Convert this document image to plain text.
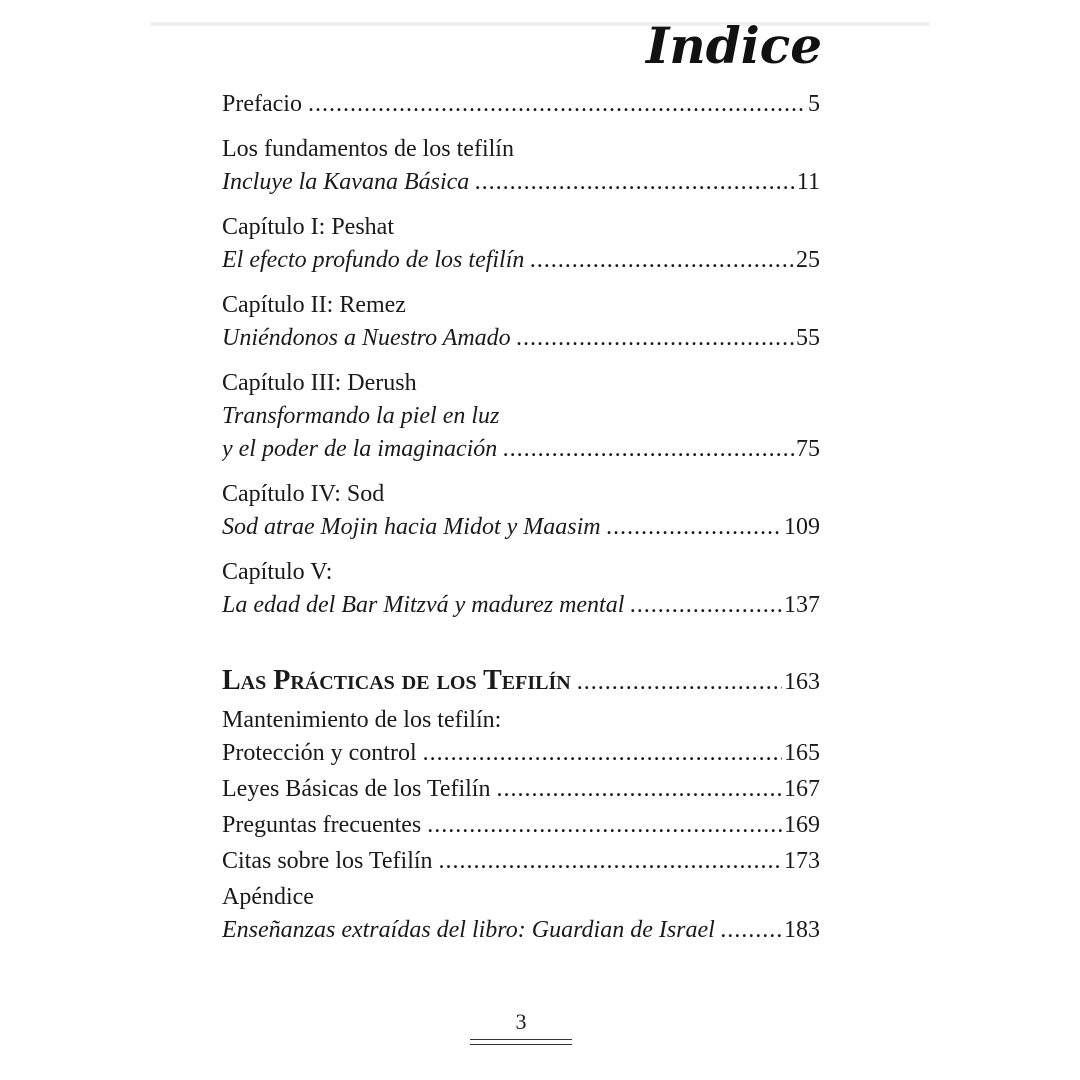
Indice
Prefacio .....	5
Los fundamentos de los tefilín
Incluye la Kavana Básica .....	11
Capítulo I: Peshat
El efecto profundo de los tefilín .....	25
Capítulo II: Remez
Uniéndonos a Nuestro Amado .....	55
Capítulo III: Derush
Transformando la piel en luz
y el poder de la imaginación .....	75
Capítulo IV: Sod
Sod atrae Mojin hacia Midot y Maasim .....	109
Capítulo V:
La edad del Bar Mitzvá y madurez mental .....	137
Las Prácticas de los Tefilín .....	163
Mantenimiento de los tefilín:
Protección y control .....	165
Leyes Básicas de los Tefilín .....	167
Preguntas frecuentes .....	169
Citas sobre los Tefilín .....	173
Apéndice
Enseñanzas extraídas del libro: Guardian de Israel .....	183
3
